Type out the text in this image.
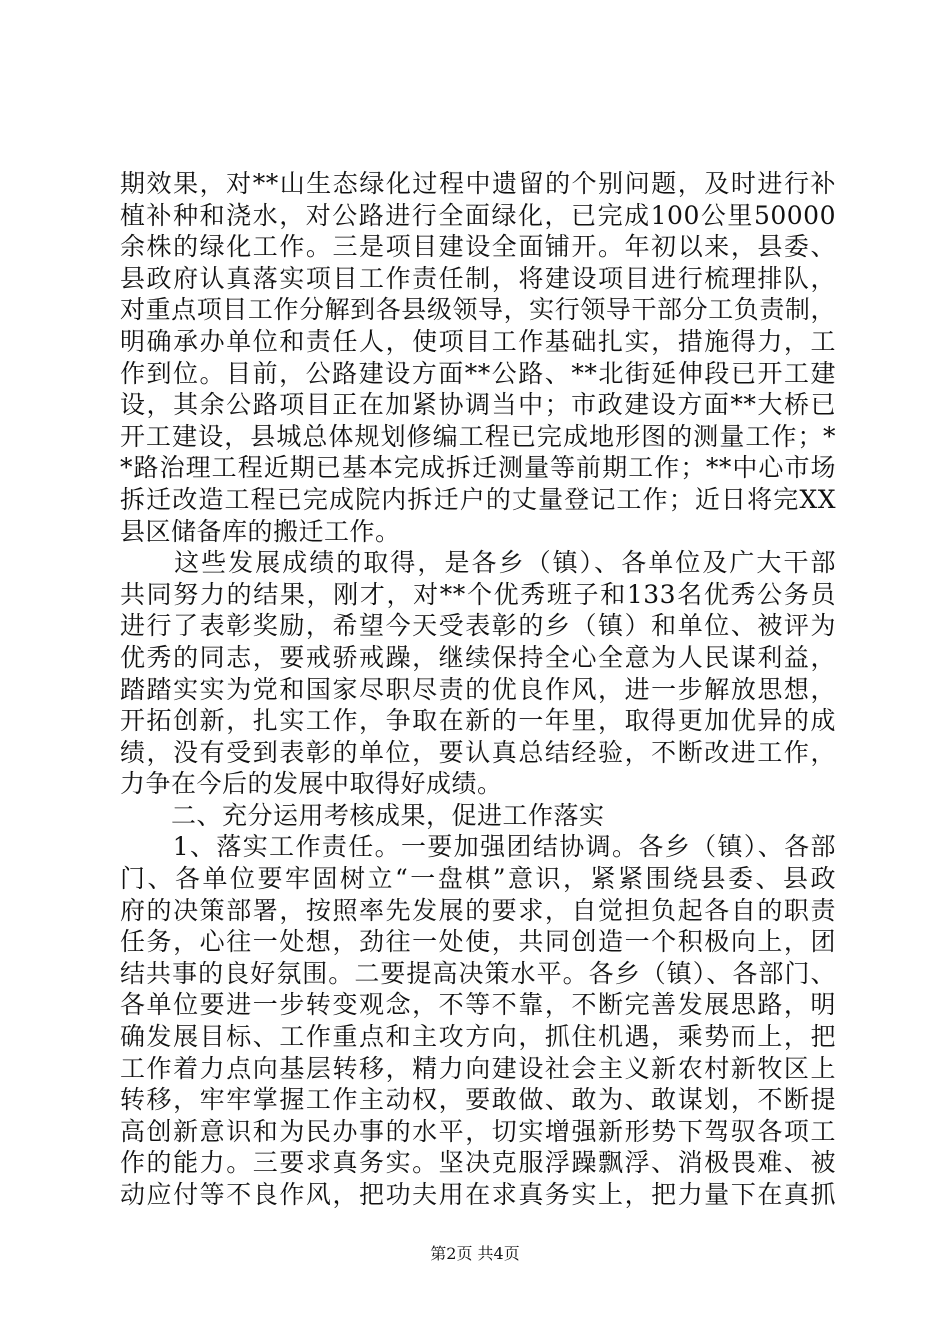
期效果，对**山生态绿化过程中遗留的个别问题，及时进行补
植补种和浇水，对公路进行全面绿化，已完成100公里50000
余株的绿化工作。三是项目建设全面铺开。年初以来，县委、
县政府认真落实项目工作责任制，将建设项目进行梳理排队，
对重点项目工作分解到各县级领导，实行领导干部分工负责制，
明确承办单位和责任人，使项目工作基础扎实，措施得力，工
作到位。目前，公路建设方面**公路、**北街延伸段已开工建
设，其余公路项目正在加紧协调当中；市政建设方面**大桥已
开工建设，县城总体规划修编工程已完成地形图的测量工作；*
*路治理工程近期已基本完成拆迁测量等前期工作；**中心市场
拆迁改造工程已完成院内拆迁户的丈量登记工作；近日将完XX
县区储备库的搬迁工作。
　　这些发展成绩的取得，是各乡（镇）、各单位及广大干部
共同努力的结果，刚才，对**个优秀班子和133名优秀公务员
进行了表彰奖励，希望今天受表彰的乡（镇）和单位、被评为
优秀的同志，要戒骄戒躁，继续保持全心全意为人民谋利益，
踏踏实实为党和国家尽职尽责的优良作风，进一步解放思想，
开拓创新，扎实工作，争取在新的一年里，取得更加优异的成
绩，没有受到表彰的单位，要认真总结经验，不断改进工作，
力争在今后的发展中取得好成绩。
　　二、充分运用考核成果，促进工作落实
　　1、落实工作责任。一要加强团结协调。各乡（镇）、各部
门、各单位要牢固树立“一盘棋”意识，紧紧围绕县委、县政
府的决策部署，按照率先发展的要求，自觉担负起各自的职责
任务，心往一处想，劲往一处使，共同创造一个积极向上，团
结共事的良好氛围。二要提高决策水平。各乡（镇）、各部门、
各单位要进一步转变观念，不等不靠，不断完善发展思路，明
确发展目标、工作重点和主攻方向，抓住机遇，乘势而上，把
工作着力点向基层转移，精力向建设社会主义新农村新牧区上
转移，牢牢掌握工作主动权，要敢做、敢为、敢谋划，不断提
高创新意识和为民办事的水平，切实增强新形势下驾驭各项工
作的能力。三要求真务实。坚决克服浮躁飘浮、消极畏难、被
动应付等不良作风，把功夫用在求真务实上，把力量下在真抓
第2页 共4页
